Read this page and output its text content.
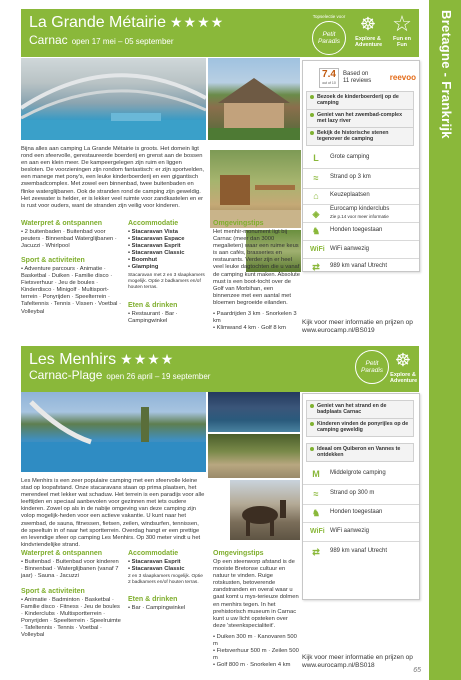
Bretagne - Frankrijk
La Grande Métairie ★★★★
Carnac open 17 mei – 05 september
Topselectie voor
Petit Paradis
☸
Explore & Adventure
☆
Fun en Fun
7.4
out of 10
Based on
11 reviews reevoo
Bezoek de kinderboerderij op de camping
Geniet van het zwembad-complex met lazy river
Bekijk de historische stenen tegenover de camping
L	Grote camping
≈	Strand op 3 km
⌂	Keuzeplaatsen
◈	Eurocamp kinderclubs
Zie p.14 voor meer informatie
♞	Honden toegestaan
WiFi WiFi aanwezig
⇄	989 km vanaf Utrecht
Kijk voor meer informatie en prijzen op
www.eurocamp.nl/BS019
Bijna alles aan camping La Grande Métairie is groots. Het domein ligt rond een sfeervolle, gerestaureerde boerderij en grenst aan de bossen en aan een klein meer. De kampeergelegen zijn ruim en liggen besloten. De voorzieningen zijn rondom fantastisch: er zijn sportvelden, een manege met pony's, een leuke kinderboerderij en een gigantisch zwembadcomplex. Met zowel een binnenbad, twee buitenbaden en flinke waterglijbanen. Ook de stranden rond de camping zijn geweldig. Het zeewater is helder, er is lekker veel ruimte voor zandkastelen en er is rust voor ouders, want de stranden zijn veilig voor kinderen.
Waterpret & ontspannen
• 2 buitenbaden · Buitenbad voor peuters · Binnenbad Waterglijbanen · Jacuzzi · Whirlpool
Sport & activiteiten
• Adventure parcours · Animatie · Basketbal · Duiken · Familie disco · Fietsverhuur · Jeu de boules · Kinderdisco · Minigolf · Multisport-terrein · Ponyrijden · Speelterrein · Tafeltennis · Tennis · Vissen · Voetbal · Volleybal
Accommodatie
• Stacaravan Vista
• Stacaravan Espace
• Stacaravan Esprit
• Stacaravan Classic
• Boomhut
• Glamping
Stacaravan met 2 en 3 slaapkamers mogelijk. Optie 2 badkamers en/of houten terras.
Eten & drinken
• Restaurant · Bar · Campingwinkel
Omgevingstips
Het menhir-monument ligt bij Carnac (meer dan 3000 megalieten) waar een ruime keus is aan cafés, brasseries en restaurants. Verder zijn er heel veel leuke dagtochten die u vanaf de camping kunt maken. Absolute must is een boot-tocht over de Golf van Morbihan, een binnenzee met een aantal met bloemen begroeide eilanden.
• Paardrijden 3 km · Snorkelen 3 km
• Klimwand 4 km · Golf 8 km
Les Menhirs ★★★★
Carnac-Plage open 26 april – 19 september
Petit Paradis
☸
Explore & Adventure
Geniet van het strand en de badplaats Carnac
Kinderen vinden de ponyrijles op de camping geweldig
Ideaal om Quiberon en Vannes te ontdekken
M	Middelgrote camping
≈	Strand op 300 m
♞	Honden toegestaan
WiFi WiFi aanwezig
⇄	989 km vanaf Utrecht
Kijk voor meer informatie en prijzen op
www.eurocamp.nl/BS018
Les Menhirs is een zeer populaire camping met een sfeervolle kleine stad op loopafstand. Onze stacaravans staan op prima plaatsen, het merendeel met lekker wat schaduw. Het terrein is een paradijs voor alle leeftijden en speciaal aanbevolen voor gezinnen met iets oudere kinderen. Zowel op als in de nabije omgeving van deze camping zijn volop mogelijk-heden voor een actieve vakantie. U kunt naar het zwembad, de sauna, fitnessen, fietsen, zeilen, windsurfen, tennissen, de speeltuin in of naar het sportterrein. Overdag hangt er een prettige en levendige sfeer op camping Les Menhirs. Op 300 meter vindt u het kindvriendelijke strand.
Waterpret & ontspannen
• Buitenbad · Buitenbad voor kinderen · Binnenbad · Waterglijbanen (vanaf 7 jaar) · Sauna · Jacuzzi
Sport & activiteiten
• Animatie · Badminton · Basketbal · Familie disco · Fitness · Jeu de boules · Kinderclubs · Multisportterrein · Ponyrijden · Speelterrein · Speelruimte · Tafeltennis · Tennis · Voetbal · Volleybal
Accommodatie
• Stacaravan Esprit
• Stacaravan Classic
2 en 3 slaapkamers mogelijk. Optie 2 badkamers en/of houten terras.
Eten & drinken
• Bar · Campingwinkel
Omgevingstips
Op een steenworp afstand is de mooiste Bretonse cultuur en natuur te vinden. Ruige rotskusten, betoverende zandstranden en overal waar u gaat komt u mys-terieuze dolmen en menhirs tegen. In het prehistorisch museum in Carnac kunt u uw licht opsteken over deze 'steenkspecialiteit'.
• Duiken 300 m · Kanovaren 500 m
• Fietsverhuur 500 m · Zeilen 500 m
• Golf 800 m · Snorkelen 4 km
65
